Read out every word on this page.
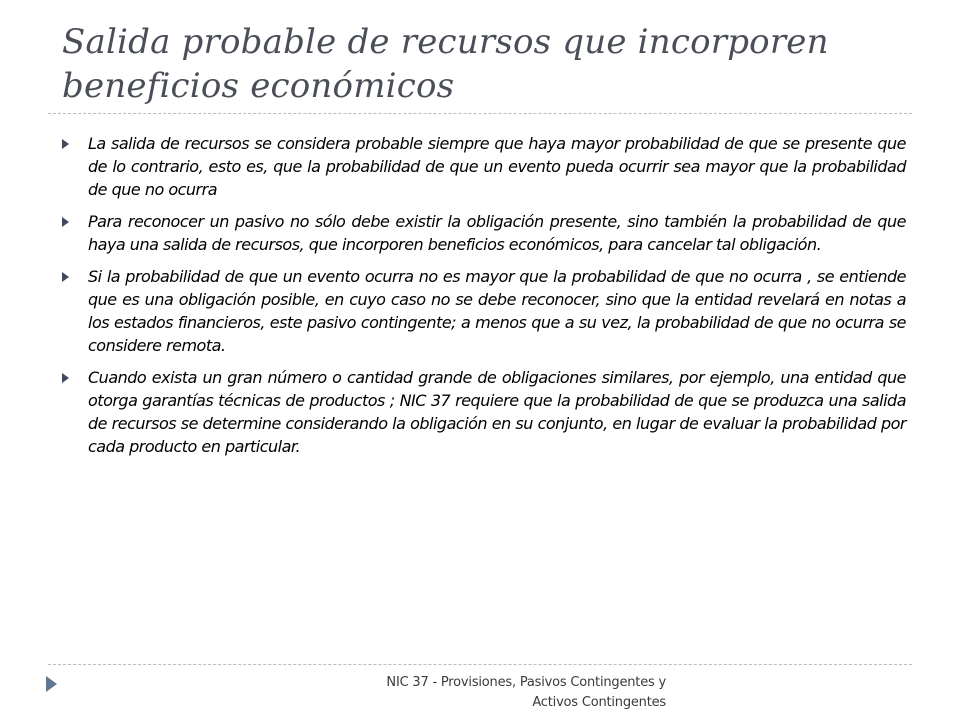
Salida probable de recursos que incorporen beneficios económicos
La salida de recursos se considera probable siempre que haya mayor probabilidad de que se presente que de lo contrario, esto es, que la probabilidad de que un evento pueda ocurrir sea mayor que la probabilidad de que no ocurra
Para reconocer un pasivo no sólo debe existir la obligación presente, sino también la probabilidad de que haya una salida de recursos, que incorporen beneficios económicos, para cancelar tal obligación.
Si la probabilidad de que un evento ocurra no es mayor que la probabilidad de que no ocurra , se entiende que es una obligación posible, en cuyo caso no se debe reconocer, sino que la entidad revelará en notas a los estados financieros, este pasivo contingente; a menos que a su vez, la probabilidad de que no ocurra se considere remota.
Cuando exista un gran número o cantidad grande de obligaciones similares, por ejemplo, una entidad que otorga garantías técnicas de productos ; NIC 37 requiere que la probabilidad de que se produzca una salida de recursos se determine considerando la obligación en su conjunto, en lugar de evaluar la probabilidad por cada producto en particular.

NIC 37 - Provisiones, Pasivos Contingentes y
Activos Contingentes
